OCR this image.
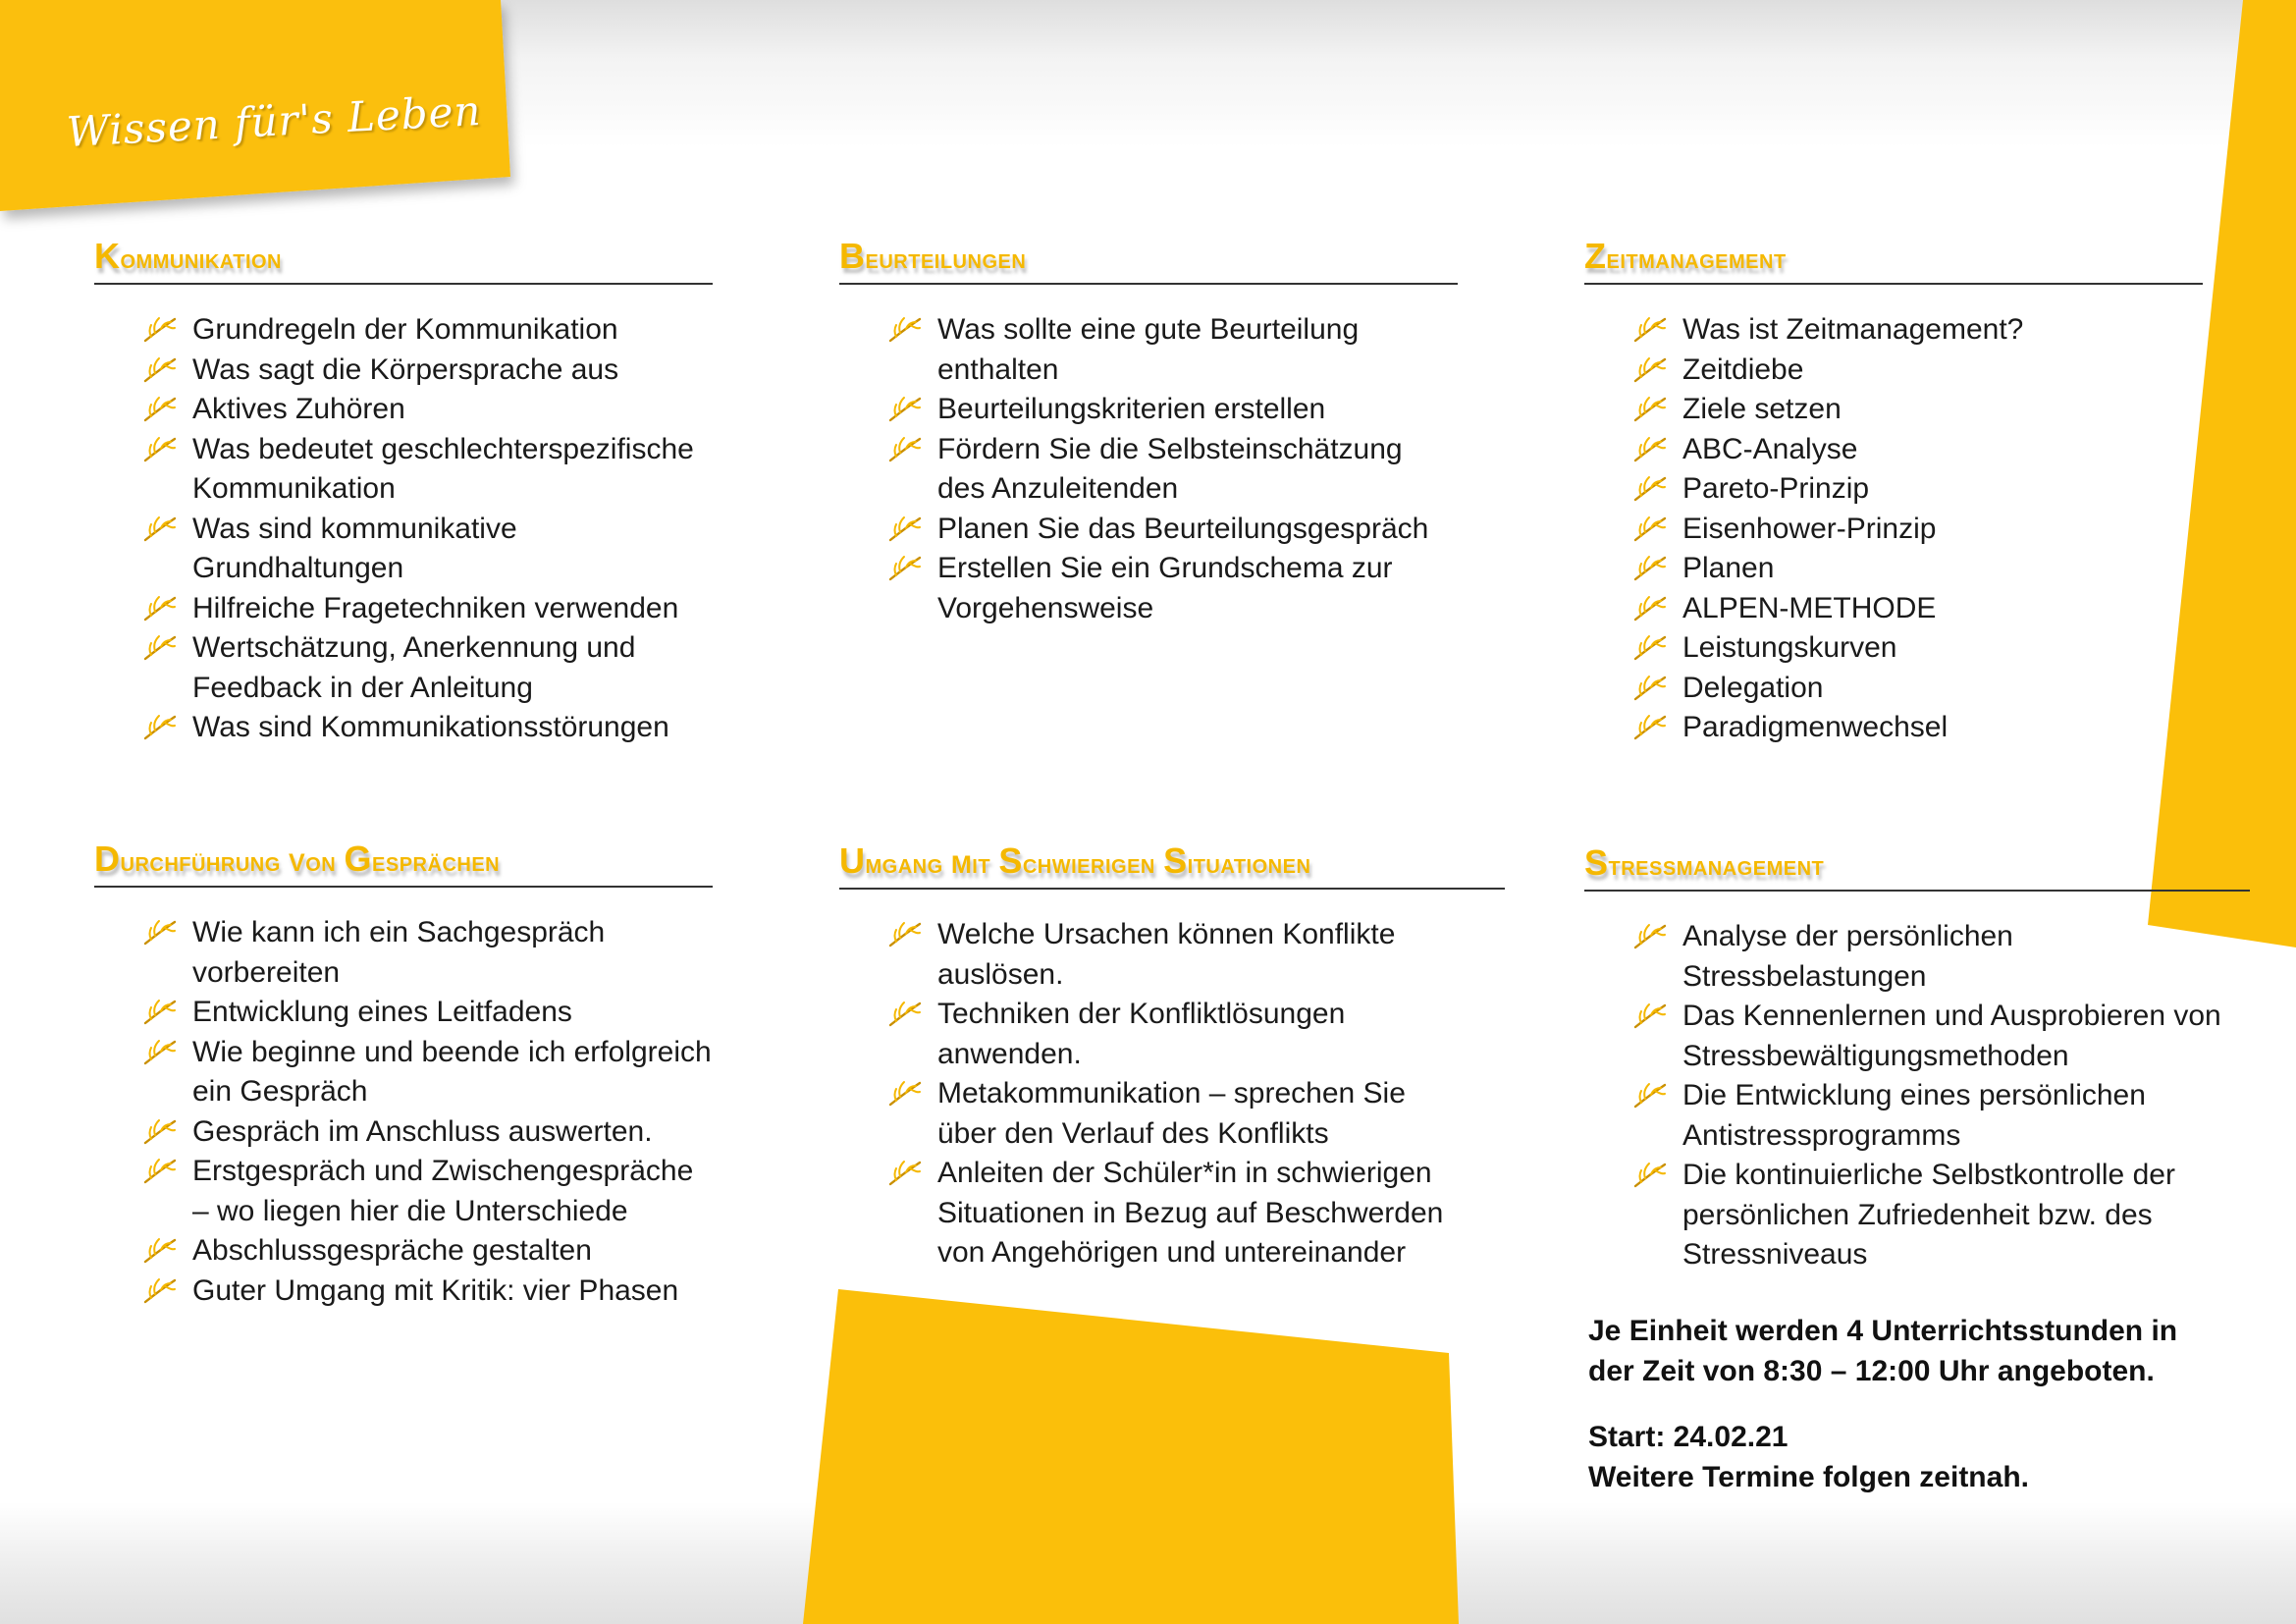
Wissen für's Leben
Kommunikation
Grundregeln der Kommunikation
Was sagt die Körpersprache aus
Aktives Zuhören
Was bedeutet geschlechterspezifische Kommunikation
Was sind kommunikative Grundhaltungen
Hilfreiche Fragetechniken verwenden
Wertschätzung, Anerkennung und Feedback in der Anleitung
Was sind Kommunikationsstörungen
Beurteilungen
Was sollte eine gute Beurteilung enthalten
Beurteilungskriterien erstellen
Fördern Sie die Selbsteinschätzung des Anzuleitenden
Planen Sie das Beurteilungsgespräch
Erstellen Sie ein Grundschema zur Vorgehensweise
Zeitmanagement
Was ist Zeitmanagement?
Zeitdiebe
Ziele setzen
ABC-Analyse
Pareto-Prinzip
Eisenhower-Prinzip
Planen
ALPEN-METHODE
Leistungskurven
Delegation
Paradigmenwechsel
Durchführung von Gesprächen
Wie kann ich ein Sachgespräch vorbereiten
Entwicklung eines Leitfadens
Wie beginne und beende ich erfolgreich ein Gespräch
Gespräch im Anschluss auswerten.
Erstgespräch und Zwischengespräche – wo liegen hier die Unterschiede
Abschlussgespräche gestalten
Guter Umgang mit Kritik: vier Phasen
Umgang mit Schwierigen Situationen
Welche Ursachen können Konflikte auslösen.
Techniken der Konfliktlösungen anwenden.
Metakommunikation – sprechen Sie über den Verlauf des Konflikts
Anleiten der Schüler*in in schwierigen Situationen in Bezug auf Beschwerden von Angehörigen und untereinander
Stressmanagement
Analyse der persönlichen Stressbelastungen
Das Kennenlernen und Ausprobieren von Stressbewältigungsmethoden
Die Entwicklung eines persönlichen Antistressprogramms
Die kontinuierliche Selbstkontrolle der persönlichen Zufriedenheit bzw. des Stressniveaus
Je Einheit werden 4 Unterrichtsstunden in
der Zeit von 8:30 – 12:00 Uhr angeboten.
Start: 24.02.21
Weitere Termine folgen zeitnah.
